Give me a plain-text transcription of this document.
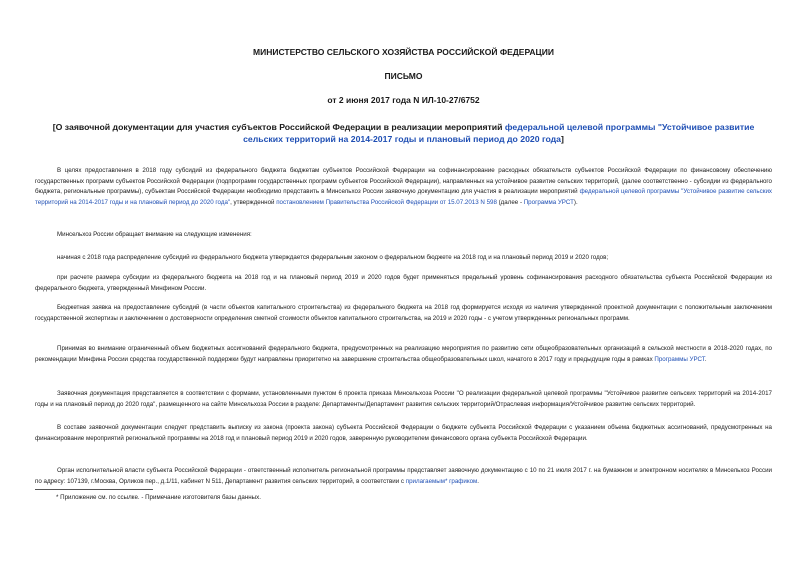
МИНИСТЕРСТВО СЕЛЬСКОГО ХОЗЯЙСТВА РОССИЙСКОЙ ФЕДЕРАЦИИ
ПИСЬМО
от 2 июня 2017 года N ИЛ-10-27/6752
[О заявочной документации для участия субъектов Российской Федерации в реализации мероприятий федеральной целевой программы "Устойчивое развитие сельских территорий на 2014-2017 годы и плановый период до 2020 года]

В целях предоставления в 2018 году субсидий из федерального бюджета бюджетам субъектов Российской Федерации на софинансирование расходных обязательств субъектов Российской Федерации по финансовому обеспечению государственных программ субъектов Российской Федерации (подпрограмм государственных программ субъектов Российской Федерации), направленных на устойчивое развитие сельских территорий, (далее соответственно - субсидии из федерального бюджета, региональные программы), субъектам Российской Федерации необходимо представить в Минсельхоз России заявочную документацию для участия в реализации мероприятий федеральной целевой программы "Устойчивое развитие сельских территорий на 2014-2017 годы и на плановый период до 2020 года", утвержденной постановлением Правительства Российской Федерации от 15.07.2013 N 598 (далее - Программа УРСТ).

Минсельхоз России обращает внимание на следующие изменения:

начиная с 2018 года распределение субсидий из федерального бюджета утверждается федеральным законом о федеральном бюджете на 2018 год и на плановый период 2019 и 2020 годов;

при расчете размера субсидии из федерального бюджета на 2018 год и на плановый период 2019 и 2020 годов будет применяться предельный уровень софинансирования расходного обязательства субъекта Российской Федерации из федерального бюджета, утвержденный Минфином России.

Бюджетная заявка на предоставление субсидий (в части объектов капитального строительства) из федерального бюджета на 2018 год формируется исходя из наличия утвержденной проектной документации с положительным заключением государственной экспертизы и заключением о достоверности определения сметной стоимости объектов капитального строительства, на 2019 и 2020 годы - с учетом утвержденных региональных программ.

Принимая во внимание ограниченный объем бюджетных ассигнований федерального бюджета, предусмотренных на реализацию мероприятия по развитию сети общеобразовательных организаций в сельской местности в 2018-2020 годах, по рекомендации Минфина России средства государственной поддержки будут направлены приоритетно на завершение строительства общеобразовательных школ, начатого в 2017 году и предыдущие годы в рамках Программы УРСТ.

Заявочная документация представляется в соответствии с формами, установленными пунктом 6 проекта приказа Минсельхоза России "О реализации федеральной целевой программы "Устойчивое развитие сельских территорий на 2014-2017 годы и на плановый период до 2020 года", размещенного на сайте Минсельхоза России в разделе: Департаменты/Департамент развития сельских территорий/Отраслевая информация/Устойчивое развитие сельских территорий.

В составе заявочной документации следует представить выписку из закона (проекта закона) субъекта Российской Федерации о бюджете субъекта Российской Федерации с указанием объема бюджетных ассигнований, предусмотренных на финансирование мероприятий региональной программы на 2018 год и плановый период 2019 и 2020 годов, заверенную руководителем финансового органа субъекта Российской Федерации.

Орган исполнительной власти субъекта Российской Федерации - ответственный исполнитель региональной программы представляет заявочную документацию с 10 по 21 июля 2017 г. на бумажном и электронном носителях в Минсельхоз России по адресу: 107139, г.Москва, Орликов пер., д.1/11, кабинет N 511, Департамент развития сельских территорий, в соответствии с прилагаемым* графиком.

* Приложение см. по ссылке. - Примечание изготовителя базы данных.
